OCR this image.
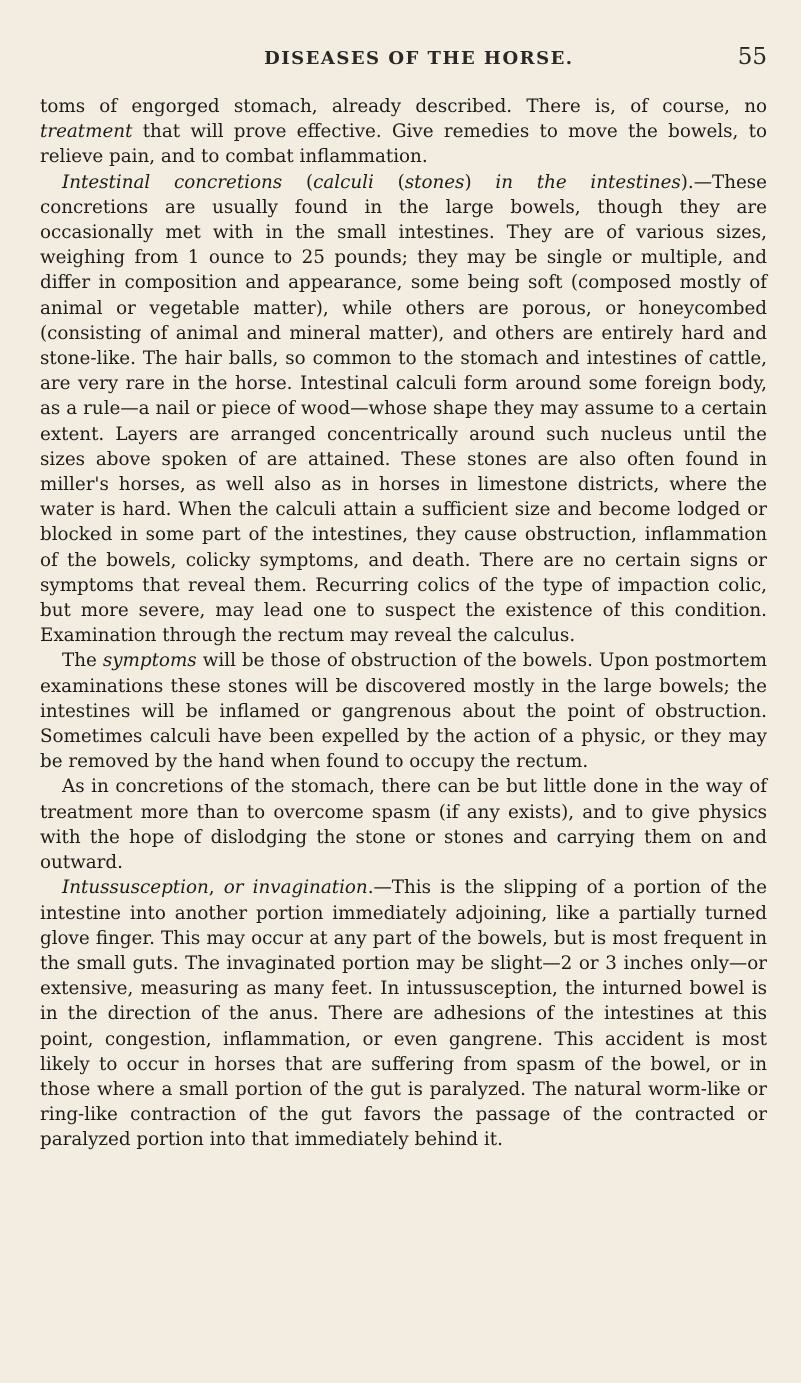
DISEASES OF THE HORSE.	55

toms of engorged stomach, already described. There is, of course, no treatment that will prove effective. Give remedies to move the bowels, to relieve pain, and to combat inflammation.

Intestinal concretions (calculi (stones) in the intestines).—These concretions are usually found in the large bowels, though they are occasionally met with in the small intestines. They are of various sizes, weighing from 1 ounce to 25 pounds; they may be single or multiple, and differ in composition and appearance, some being soft (composed mostly of animal or vegetable matter), while others are porous, or honeycombed (consisting of animal and mineral matter), and others are entirely hard and stone-like. The hair balls, so common to the stomach and intestines of cattle, are very rare in the horse. Intestinal calculi form around some foreign body, as a rule—a nail or piece of wood—whose shape they may assume to a certain extent. Layers are arranged concentrically around such nucleus until the sizes above spoken of are attained. These stones are also often found in miller's horses, as well also as in horses in limestone districts, where the water is hard. When the calculi attain a sufficient size and become lodged or blocked in some part of the intestines, they cause obstruction, inflammation of the bowels, colicky symptoms, and death. There are no certain signs or symptoms that reveal them. Recurring colics of the type of impaction colic, but more severe, may lead one to suspect the existence of this condition. Examination through the rectum may reveal the calculus.

The symptoms will be those of obstruction of the bowels. Upon postmortem examinations these stones will be discovered mostly in the large bowels; the intestines will be inflamed or gangrenous about the point of obstruction. Sometimes calculi have been expelled by the action of a physic, or they may be removed by the hand when found to occupy the rectum.

As in concretions of the stomach, there can be but little done in the way of treatment more than to overcome spasm (if any exists), and to give physics with the hope of dislodging the stone or stones and carrying them on and outward.

Intussusception, or invagination.—This is the slipping of a portion of the intestine into another portion immediately adjoining, like a partially turned glove finger. This may occur at any part of the bowels, but is most frequent in the small guts. The invaginated portion may be slight—2 or 3 inches only—or extensive, measuring as many feet. In intussusception, the inturned bowel is in the direction of the anus. There are adhesions of the intestines at this point, congestion, inflammation, or even gangrene. This accident is most likely to occur in horses that are suffering from spasm of the bowel, or in those where a small portion of the gut is paralyzed. The natural worm-like or ring-like contraction of the gut favors the passage of the contracted or paralyzed portion into that immediately behind it.
